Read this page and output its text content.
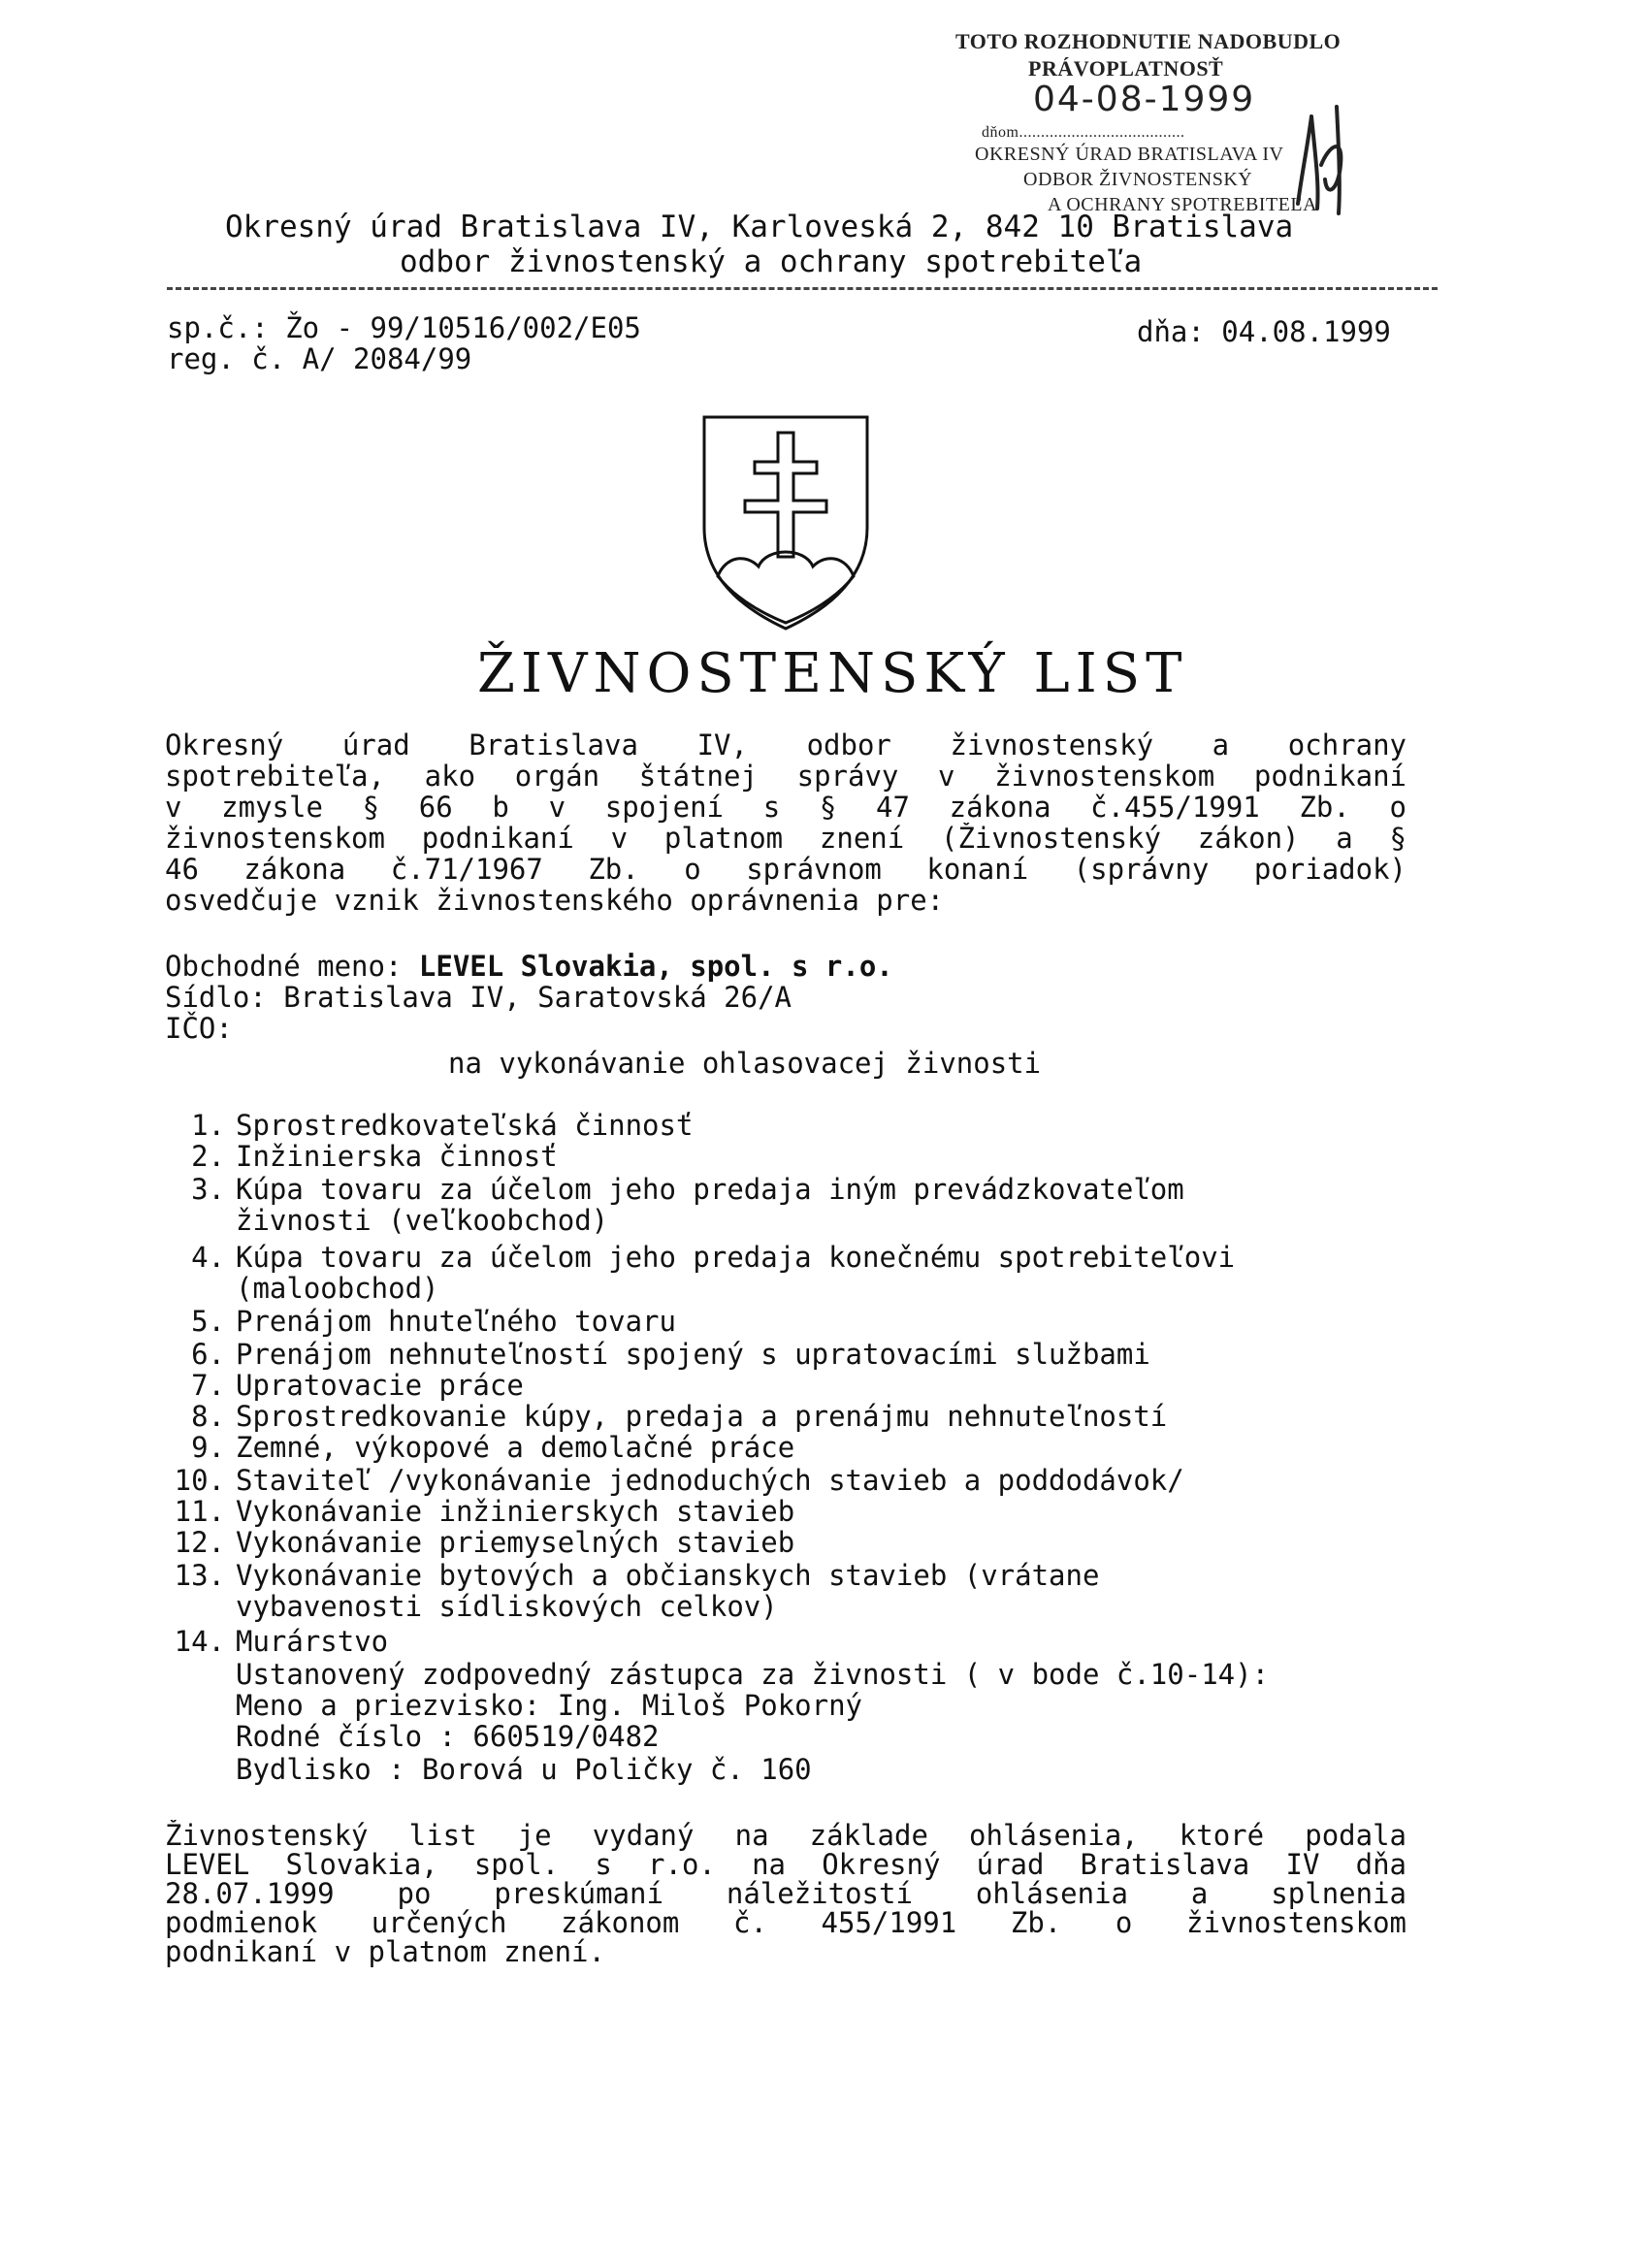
TOTO ROZHODNUTIE NADOBUDLO
PRÁVOPLATNOSŤ
04-08-1999
dňom......................................
OKRESNÝ ÚRAD BRATISLAVA IV
ODBOR ŽIVNOSTENSKÝ
A OCHRANY SPOTREBITEĽA
Okresný úrad Bratislava IV, Karloveská 2, 842 10 Bratislava
odbor živnostenský a ochrany spotrebiteľa
sp.č.: Žo - 99/10516/002/E05
reg. č. A/ 2084/99
dňa: 04.08.1999
ŽIVNOSTENSKÝ LIST
Okresný úrad Bratislava IV, odbor živnostenský a ochrany
spotrebiteľa, ako orgán štátnej správy v živnostenskom podnikaní
v zmysle § 66 b v spojení s § 47 zákona č.455/1991 Zb. o
živnostenskom podnikaní v platnom znení (Živnostenský zákon) a §
46 zákona č.71/1967 Zb. o správnom konaní (správny poriadok)
osvedčuje vznik živnostenského oprávnenia pre:
Obchodné meno: LEVEL Slovakia, spol. s r.o.
Sídlo: Bratislava IV, Saratovská 26/A
IČO:
na vykonávanie ohlasovacej živnosti
1. Sprostredkovateľská činnosť
2. Inžinierska činnosť
3. Kúpa tovaru za účelom jeho predaja iným prevádzkovateľom
živnosti (veľkoobchod)
4. Kúpa tovaru za účelom jeho predaja konečnému spotrebiteľovi
(maloobchod)
5. Prenájom hnuteľného tovaru
6. Prenájom nehnuteľností spojený s upratovacími službami
7. Upratovacie práce
8. Sprostredkovanie kúpy, predaja a prenájmu nehnuteľností
9. Zemné, výkopové a demolačné práce
10. Staviteľ /vykonávanie jednoduchých stavieb a poddodávok/
11. Vykonávanie inžinierskych stavieb
12. Vykonávanie priemyselných stavieb
13. Vykonávanie bytových a občianskych stavieb (vrátane
vybavenosti sídliskových celkov)
14. Murárstvo
Ustanovený zodpovedný zástupca za živnosti ( v bode č.10-14):
Meno a priezvisko: Ing. Miloš Pokorný
Rodné číslo : 660519/0482
Bydlisko : Borová u Poličky č. 160
Živnostenský list je vydaný na základe ohlásenia, ktoré podala
LEVEL Slovakia, spol. s r.o. na Okresný úrad Bratislava IV dňa
28.07.1999 po preskúmaní náležitostí ohlásenia a splnenia
podmienok určených zákonom č. 455/1991 Zb. o živnostenskom
podnikaní v platnom znení.
